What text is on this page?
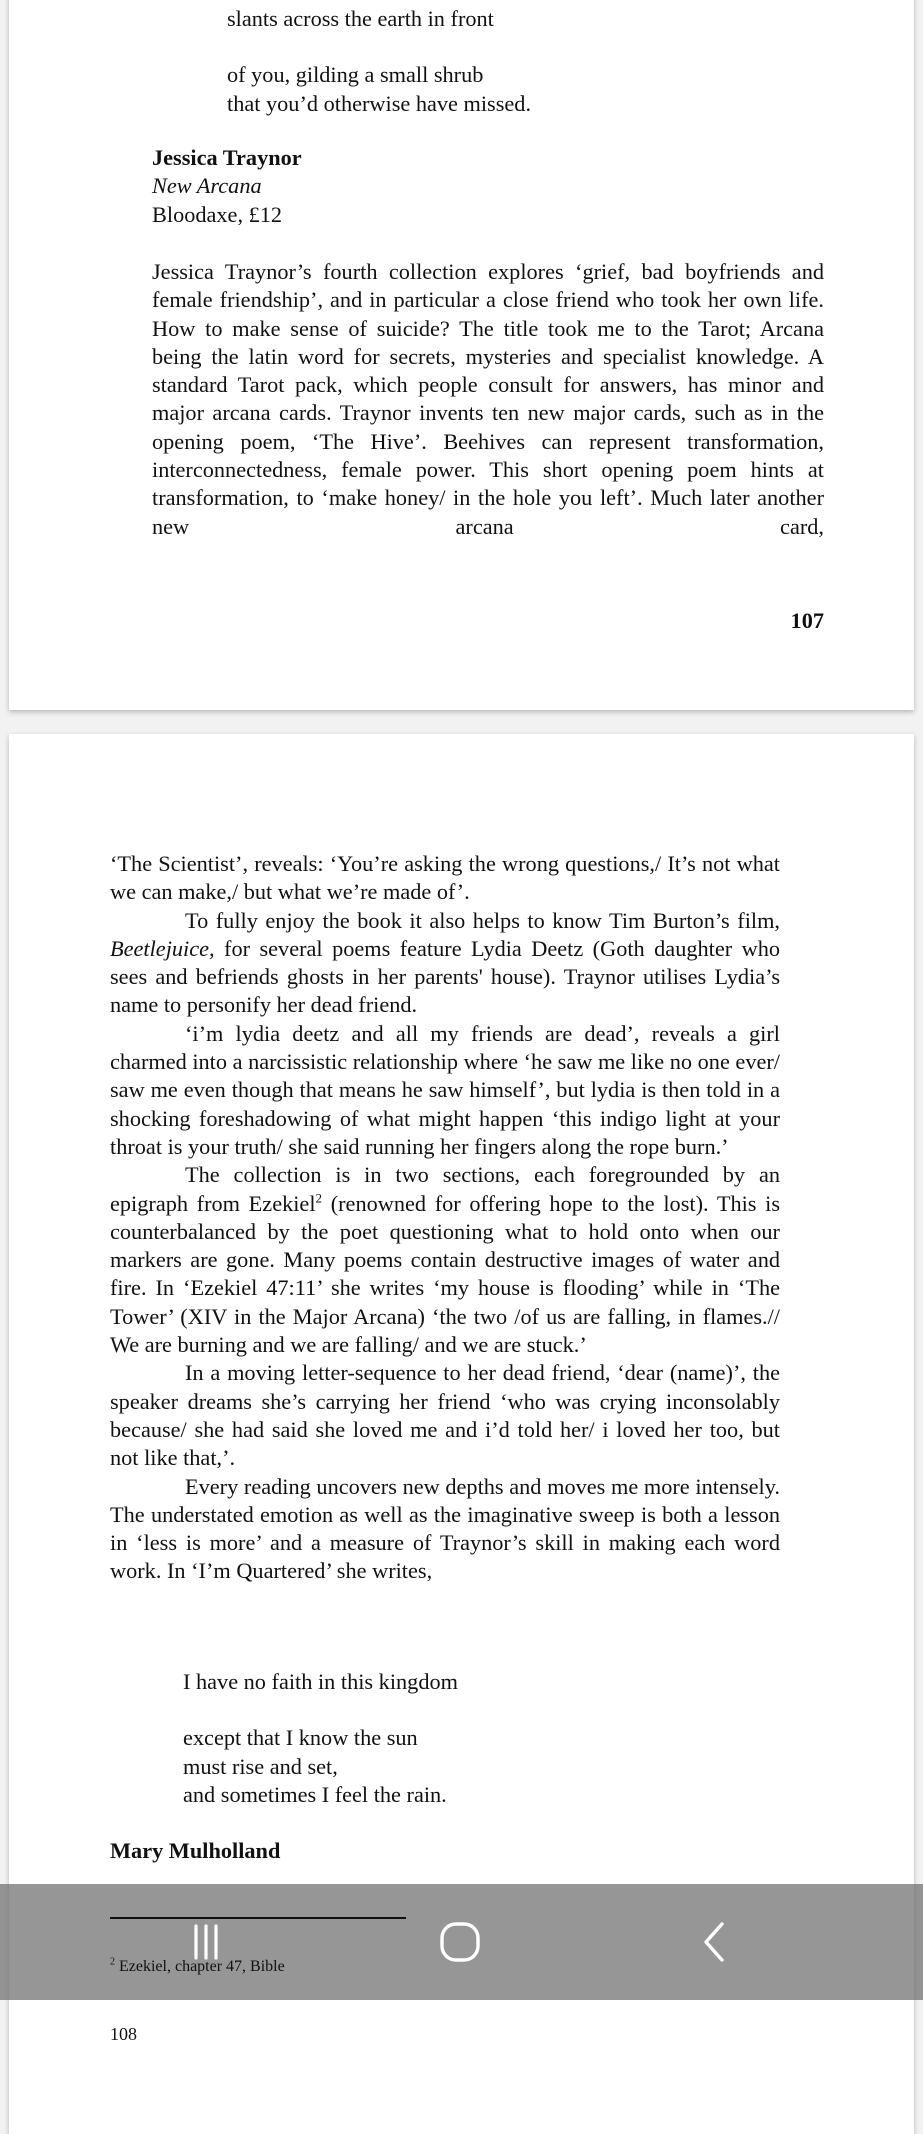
slants across the earth in front
of you, gilding a small shrub
that you’d otherwise have missed.
Jessica Traynor
New Arcana
Bloodaxe, £12
Jessica Traynor’s fourth collection explores ‘grief, bad boyfriends and female friendship’, and in particular a close friend who took her own life. How to make sense of suicide? The title took me to the Tarot; Arcana being the latin word for secrets, mysteries and specialist knowledge. A standard Tarot pack, which people consult for answers, has minor and major arcana cards. Traynor invents ten new major cards, such as in the opening poem, ‘The Hive’. Beehives can represent transformation, interconnectedness, female power. This short opening poem hints at transformation, to ‘make honey/ in the hole you left’. Much later another new arcana card,
107
‘The Scientist’, reveals: ‘You’re asking the wrong questions,/ It’s not what we can make,/ but what we’re made of’.
To fully enjoy the book it also helps to know Tim Burton’s film, Beetlejuice, for several poems feature Lydia Deetz (Goth daughter who sees and befriends ghosts in her parents' house). Traynor utilises Lydia’s name to personify her dead friend.
‘i’m lydia deetz and all my friends are dead’, reveals a girl charmed into a narcissistic relationship where ‘he saw me like no one ever/ saw me even though that means he saw himself’, but lydia is then told in a shocking foreshadowing of what might happen ‘this indigo light at your throat is your truth/ she said running her fingers along the rope burn.’
The collection is in two sections, each foregrounded by an epigraph from Ezekiel$^2$ (renowned for offering hope to the lost). This is counterbalanced by the poet questioning what to hold onto when our markers are gone. Many poems contain destructive images of water and fire. In ‘Ezekiel 47:11’ she writes ‘my house is flooding’ while in ‘The Tower’ (XIV in the Major Arcana) ‘the two /of us are falling, in flames.// We are burning and we are falling/ and we are stuck.’
In a moving letter-sequence to her dead friend, ‘dear (name)’, the speaker dreams she’s carrying her friend ‘who was crying inconsolably because/ she had said she loved me and i’d told her/ i loved her too, but not like that,’.
Every reading uncovers new depths and moves me more intensely. The understated emotion as well as the imaginative sweep is both a lesson in ‘less is more’ and a measure of Traynor’s skill in making each word work. In ‘I’m Quartered’ she writes,
I have no faith in this kingdom
except that I know the sun
must rise and set,
and sometimes I feel the rain.
Mary Mulholland
108
$^2$ Ezekiel, chapter 47, Bible
